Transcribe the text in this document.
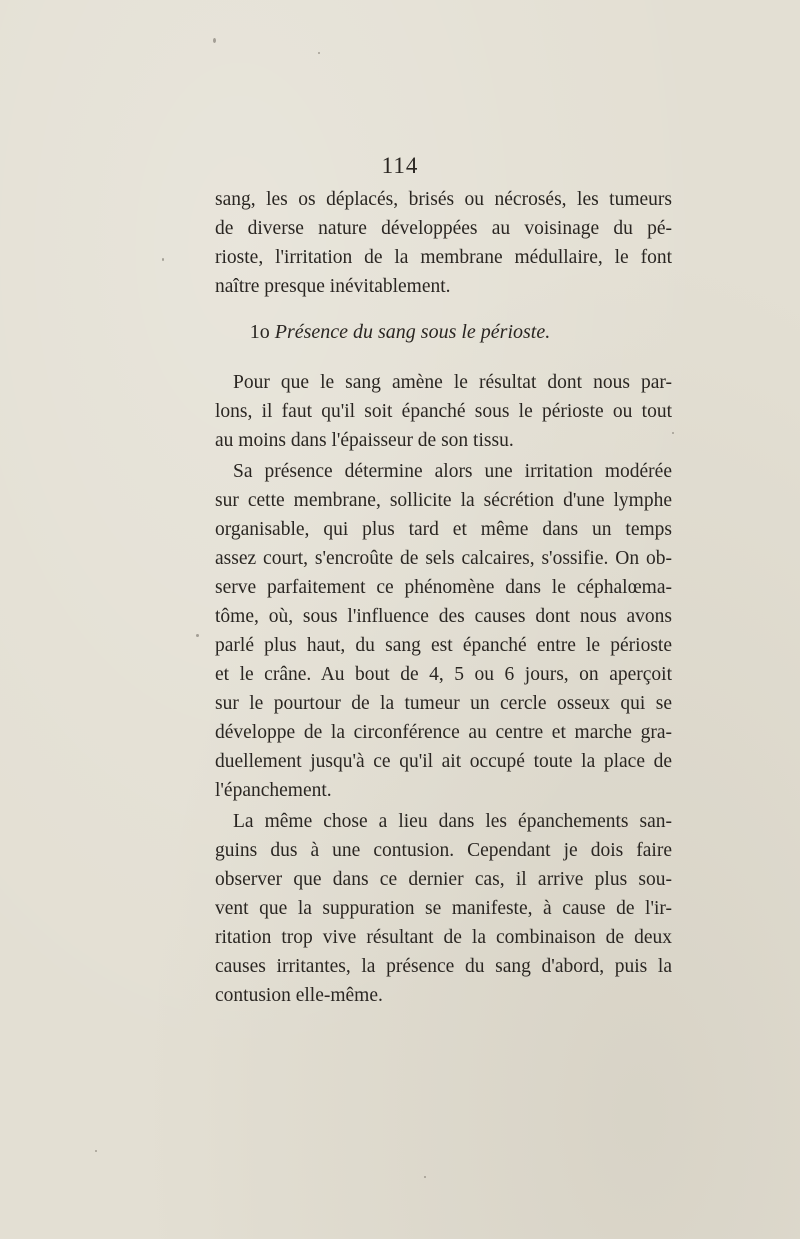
114
sang, les os déplacés, brisés ou nécrosés, les tumeurs
de diverse nature développées au voisinage du pé-
rioste, l'irritation de la membrane médullaire, le font
naître presque inévitablement.
1o Présence du sang sous le périoste.
Pour que le sang amène le résultat dont nous par-
lons, il faut qu'il soit épanché sous le périoste ou tout
au moins dans l'épaisseur de son tissu.
Sa présence détermine alors une irritation modérée
sur cette membrane, sollicite la sécrétion d'une lymphe
organisable, qui plus tard et même dans un temps
assez court, s'encroûte de sels calcaires, s'ossifie. On ob-
serve parfaitement ce phénomène dans le céphalœma-
tôme, où, sous l'influence des causes dont nous avons
parlé plus haut, du sang est épanché entre le périoste
et le crâne. Au bout de 4, 5 ou 6 jours, on aperçoit
sur le pourtour de la tumeur un cercle osseux qui se
développe de la circonférence au centre et marche gra-
duellement jusqu'à ce qu'il ait occupé toute la place de
l'épanchement.
La même chose a lieu dans les épanchements san-
guins dus à une contusion. Cependant je dois faire
observer que dans ce dernier cas, il arrive plus sou-
vent que la suppuration se manifeste, à cause de l'ir-
ritation trop vive résultant de la combinaison de deux
causes irritantes, la présence du sang d'abord, puis la
contusion elle-même.
